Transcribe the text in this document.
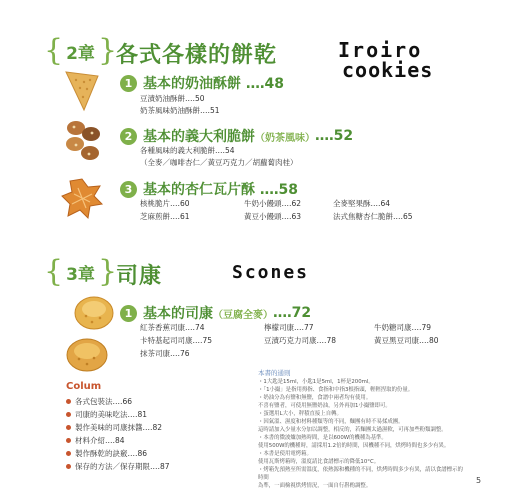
{ 2章 }
各式各樣的餅乾	Iroiro
cookies
1 基本的奶油酥餅 ‥‥48
豆漬奶油酥餅‥‥50
奶茶風味奶油酥餅‥‥51
2 基本的義大利脆餅 （奶茶風味） ‥‥52
各種風味的義大利脆餅‥‥54
（全麥／咖啡杏仁／黃豆巧克力／胡蘿蔔肉桂）
3 基本的杏仁瓦片酥 ‥‥58
核桃脆片‥‥60	牛奶小饅頭‥‥62	全麥堅果酥‥‥64
芝麻煎餅‥‥61	黃豆小饅頭‥‥63	法式焦糖杏仁脆餅‥‥65
{ 3章 }
司康	Scones
1 基本的司康 （豆腐全麥） ‥‥72
紅茶香蕉司康‥‥74	檸檬司康‥‥77	牛奶糖司康‥‥79
卡特基起司司康‥‥75	豆漬巧克力司康‥‥78	黃豆黑豆司康‥‥80
抹茶司康‥‥76
Colum
各式包裝法‥‥66
司康的美味吃法‥‥81
製作美味的司康抹醬‥‥82
材料介紹‥‥84
製作酥乾的訣竅‥‥86
保存的方法／保存期限‥‥87
本書的通則
・1大匙是15ml，小匙1是5ml，1杯是200ml。
・「1小撮」是指用拇指、食指和中指3根指頭，輕輕捏取的份量。
・奶油分為有鹽和無鹽，食譜中兩者均有使用。
不喜有鹽者，可使用無鹽奶油，另外再加1小撮鹽即可。
・蛋選用L大小，秤積直接上自轉。
・因氣溫、濕度和材料種類等的不同，麵團有時不易揉成團。
這時請加入少量水分加以調整，相反的，若麵團太過濕軟，可再加些粉類調整。
・本書的微波爐加熱時間，是以600W的機種為基準。
使用500W的機種時，請採用1.2倍的時間，因機種不同，烘烤時間也多少有異。
・本書是使用電烤箱。
使用瓦斯烤箱時，溫度請比食譜標示的降低10°C。
・烤箱先預熱至所需溫度，依熱源和機種的不同，烘烤時間多少有異，請以食譜標示的時間
為準，一面檢視烘烤情況，一面自行斟酌調整。
5
